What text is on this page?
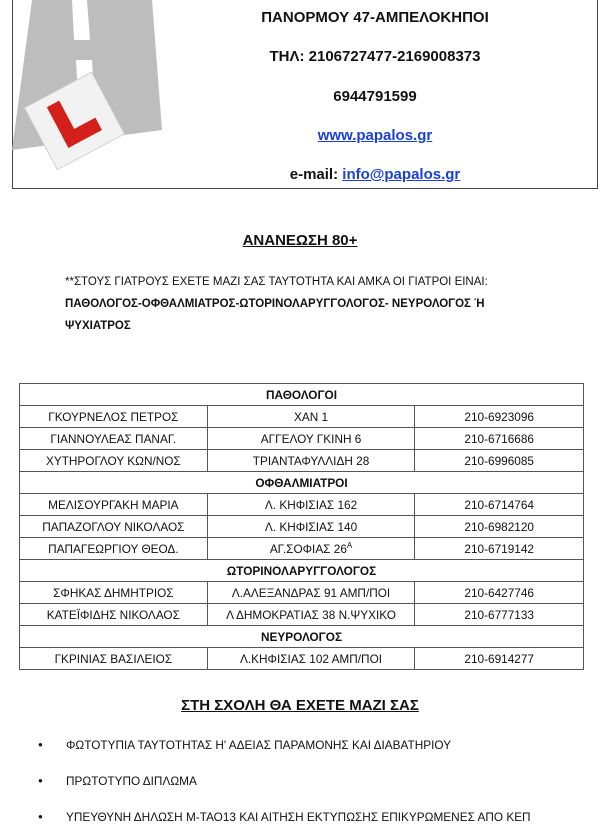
ΠΑΝΟΡΜΟΥ 47-ΑΜΠΕΛΟΚΗΠΟΙ
ΤΗΛ: 2106727477-2169008373
6944791599
www.papalos.gr
e-mail: info@papalos.gr
ΑΝΑΝΕΩΣΗ 80+
**ΣΤΟΥΣ ΓΙΑΤΡΟΥΣ ΕΧΕΤΕ ΜΑΖΙ ΣΑΣ ΤΑΥΤΟΤΗΤΑ ΚΑΙ ΑΜΚΑ ΟΙ ΓΙΑΤΡΟΙ ΕΙΝΑΙ:
ΠΑΘΟΛΟΓΟΣ-ΟΦΘΑΛΜΙΑΤΡΟΣ-ΩΤΟΡΙΝΟΛΑΡΥΓΓΟΛΟΓΟΣ- ΝΕΥΡΟΛΟΓΟΣ Ή
ΨΥΧΙΑΤΡΟΣ
ΠΑΘΟΛΟΓΟΙ		
ΓΚΟΥΡΝΕΛΟΣ ΠΕΤΡΟΣ	ΧΑΝ 1	210-6923096
ΓΙΑΝΝΟΥΛΕΑΣ ΠΑΝΑΓ.	ΑΓΓΕΛΟΥ ΓΚΙΝΗ 6	210-6716686
ΧΥΤΗΡΟΓΛΟΥ ΚΩΝ/ΝΟΣ	ΤΡΙΑΝΤΑΦΥΛΛΙΔΗ 28	210-6996085
ΟΦΘΑΛΜΙΑΤΡΟΙ		
ΜΕΛΙΣΟΥΡΓΑΚΗ ΜΑΡΙΑ	Λ. ΚΗΦΙΣΙΑΣ 162	210-6714764
ΠΑΠΑΖΟΓΛΟΥ ΝΙΚΟΛΑΟΣ	Λ. ΚΗΦΙΣΙΑΣ 140	210-6982120
ΠΑΠΑΓΕΩΡΓΙΟΥ ΘΕΟΔ.	ΑΓ.ΣΟΦΙΑΣ $26^A$	210-6719142
ΩΤΟΡΙΝΟΛΑΡΥΓΓΟΛΟΓΟΣ		
ΣΦΗΚΑΣ ΔΗΜΗΤΡΙΟΣ	Λ.ΑΛΕΞΑΝΔΡΑΣ 91 ΑΜΠ/ΠΟΙ	210-6427746
ΚΑΤΕΪΦΙΔΗΣ ΝΙΚΟΛΑΟΣ	Λ ΔΗΜΟΚΡΑΤΙΑΣ 38 Ν.ΨΥΧΙΚΟ	210-6777133
ΝΕΥΡΟΛΟΓΟΣ		
ΓΚΡΙΝΙΑΣ ΒΑΣΙΛΕΙΟΣ	Λ.ΚΗΦΙΣΙΑΣ 102 ΑΜΠ/ΠΟΙ	210-6914277
ΣΤΗ ΣΧΟΛΗ ΘΑ ΕΧΕΤΕ ΜΑΖΙ ΣΑΣ
● ΦΩΤΟΤΥΠΙΑ ΤΑΥΤΟΤΗΤΑΣ Η' ΑΔΕΙΑΣ ΠΑΡΑΜΟΝΗΣ ΚΑΙ ΔΙΑΒΑΤΗΡΙΟΥ
● ΠΡΩΤΟΤΥΠΟ ΔΙΠΛΩΜΑ
● ΥΠΕΥΘΥΝΗ ΔΗΛΩΣΗ Μ-ΤΑΟ13 ΚΑΙ ΑΙΤΗΣΗ ΕΚΤΥΠΩΣΗΣ ΕΠΙΚΥΡΩΜΕΝΕΣ ΑΠΟ ΚΕΠ
